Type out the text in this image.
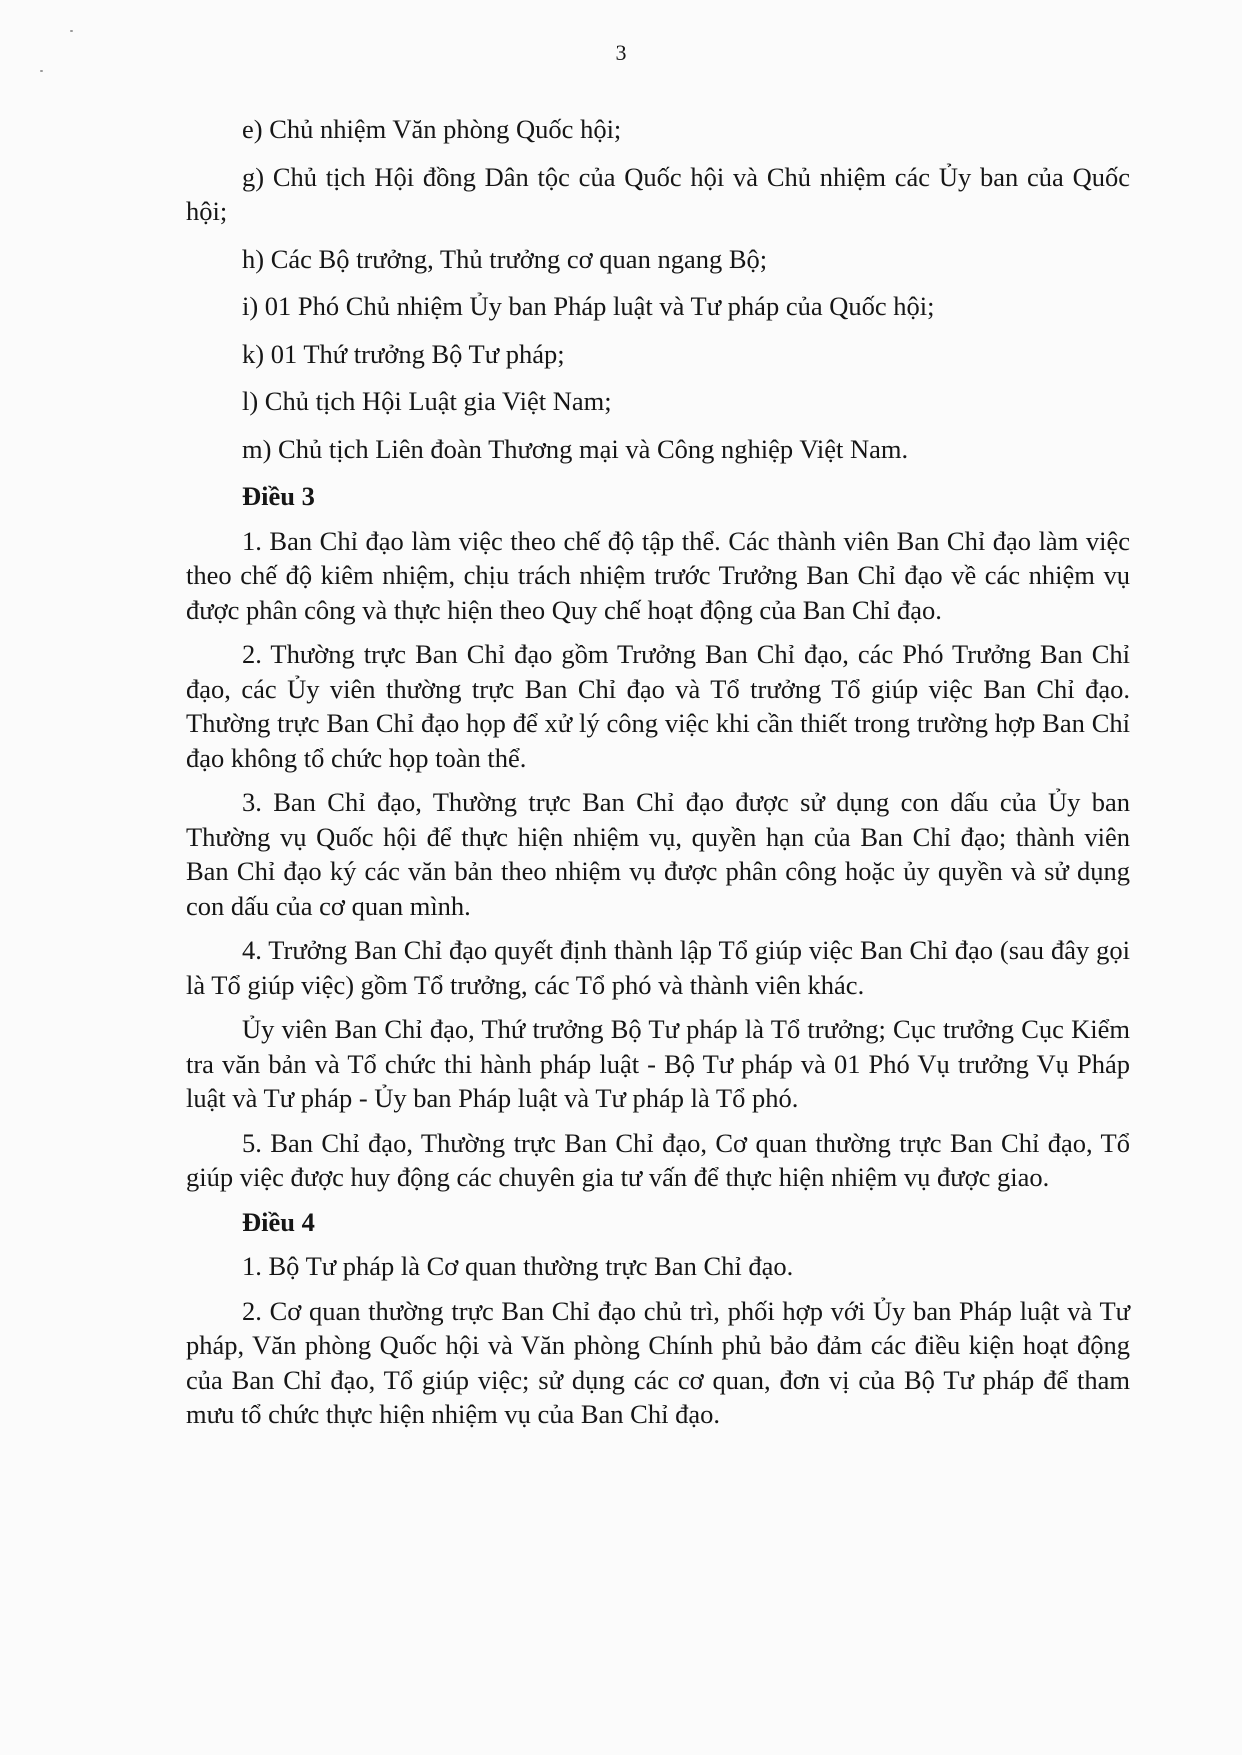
3

e) Chủ nhiệm Văn phòng Quốc hội;

g) Chủ tịch Hội đồng Dân tộc của Quốc hội và Chủ nhiệm các Ủy ban của Quốc hội;

h) Các Bộ trưởng, Thủ trưởng cơ quan ngang Bộ;

i) 01 Phó Chủ nhiệm Ủy ban Pháp luật và Tư pháp của Quốc hội;

k) 01 Thứ trưởng Bộ Tư pháp;

l) Chủ tịch Hội Luật gia Việt Nam;

m) Chủ tịch Liên đoàn Thương mại và Công nghiệp Việt Nam.

Điều 3

1. Ban Chỉ đạo làm việc theo chế độ tập thể. Các thành viên Ban Chỉ đạo làm việc theo chế độ kiêm nhiệm, chịu trách nhiệm trước Trưởng Ban Chỉ đạo về các nhiệm vụ được phân công và thực hiện theo Quy chế hoạt động của Ban Chỉ đạo.

2. Thường trực Ban Chỉ đạo gồm Trưởng Ban Chỉ đạo, các Phó Trưởng Ban Chỉ đạo, các Ủy viên thường trực Ban Chỉ đạo và Tổ trưởng Tổ giúp việc Ban Chỉ đạo. Thường trực Ban Chỉ đạo họp để xử lý công việc khi cần thiết trong trường hợp Ban Chỉ đạo không tổ chức họp toàn thể.

3. Ban Chỉ đạo, Thường trực Ban Chỉ đạo được sử dụng con dấu của Ủy ban Thường vụ Quốc hội để thực hiện nhiệm vụ, quyền hạn của Ban Chỉ đạo; thành viên Ban Chỉ đạo ký các văn bản theo nhiệm vụ được phân công hoặc ủy quyền và sử dụng con dấu của cơ quan mình.

4. Trưởng Ban Chỉ đạo quyết định thành lập Tổ giúp việc Ban Chỉ đạo (sau đây gọi là Tổ giúp việc) gồm Tổ trưởng, các Tổ phó và thành viên khác.

Ủy viên Ban Chỉ đạo, Thứ trưởng Bộ Tư pháp là Tổ trưởng; Cục trưởng Cục Kiểm tra văn bản và Tổ chức thi hành pháp luật - Bộ Tư pháp và 01 Phó Vụ trưởng Vụ Pháp luật và Tư pháp - Ủy ban Pháp luật và Tư pháp là Tổ phó.

5. Ban Chỉ đạo, Thường trực Ban Chỉ đạo, Cơ quan thường trực Ban Chỉ đạo, Tổ giúp việc được huy động các chuyên gia tư vấn để thực hiện nhiệm vụ được giao.

Điều 4

1. Bộ Tư pháp là Cơ quan thường trực Ban Chỉ đạo.

2. Cơ quan thường trực Ban Chỉ đạo chủ trì, phối hợp với Ủy ban Pháp luật và Tư pháp, Văn phòng Quốc hội và Văn phòng Chính phủ bảo đảm các điều kiện hoạt động của Ban Chỉ đạo, Tổ giúp việc; sử dụng các cơ quan, đơn vị của Bộ Tư pháp để tham mưu tổ chức thực hiện nhiệm vụ của Ban Chỉ đạo.
